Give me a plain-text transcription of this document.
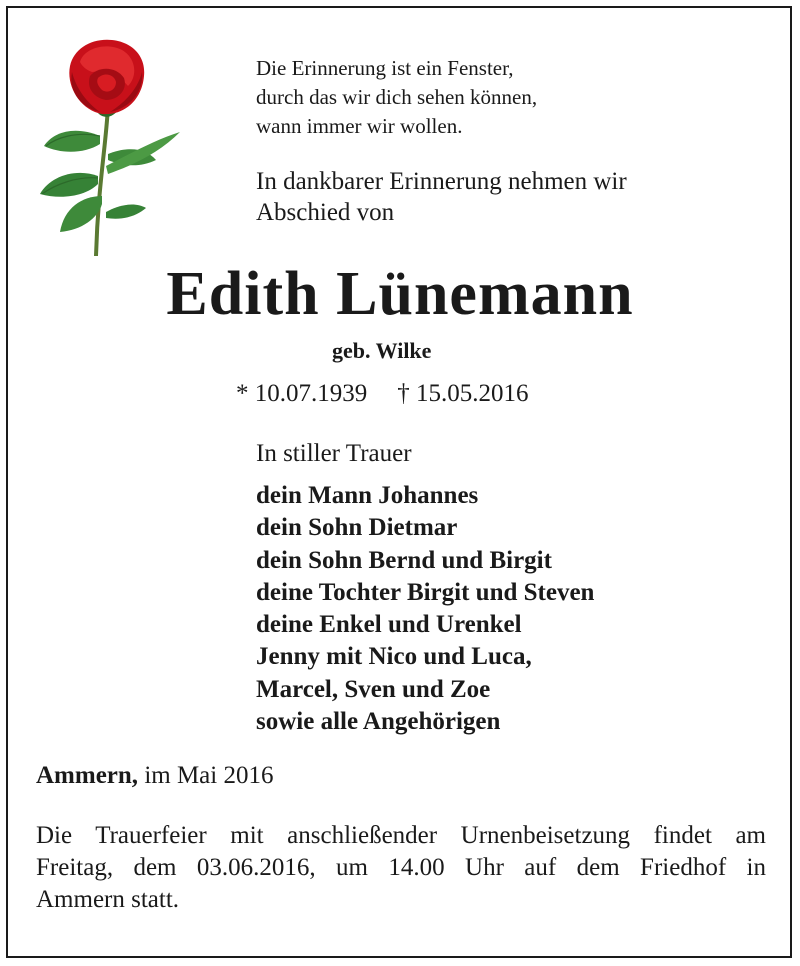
Die Erinnerung ist ein Fenster,
durch das wir dich sehen können,
wann immer wir wollen.
In dankbarer Erinnerung nehmen wir
Abschied von
Edith Lünemann
geb. Wilke
* 10.07.1939 † 15.05.2016
In stiller Trauer
dein Mann Johannes
dein Sohn Dietmar
dein Sohn Bernd und Birgit
deine Tochter Birgit und Steven
deine Enkel und Urenkel
Jenny mit Nico und Luca,
Marcel, Sven und Zoe
sowie alle Angehörigen
Ammern, im Mai 2016
Die Trauerfeier mit anschließender Urnenbeisetzung findet am
Freitag, dem 03.06.2016, um 14.00 Uhr auf dem Friedhof in
Ammern statt.
